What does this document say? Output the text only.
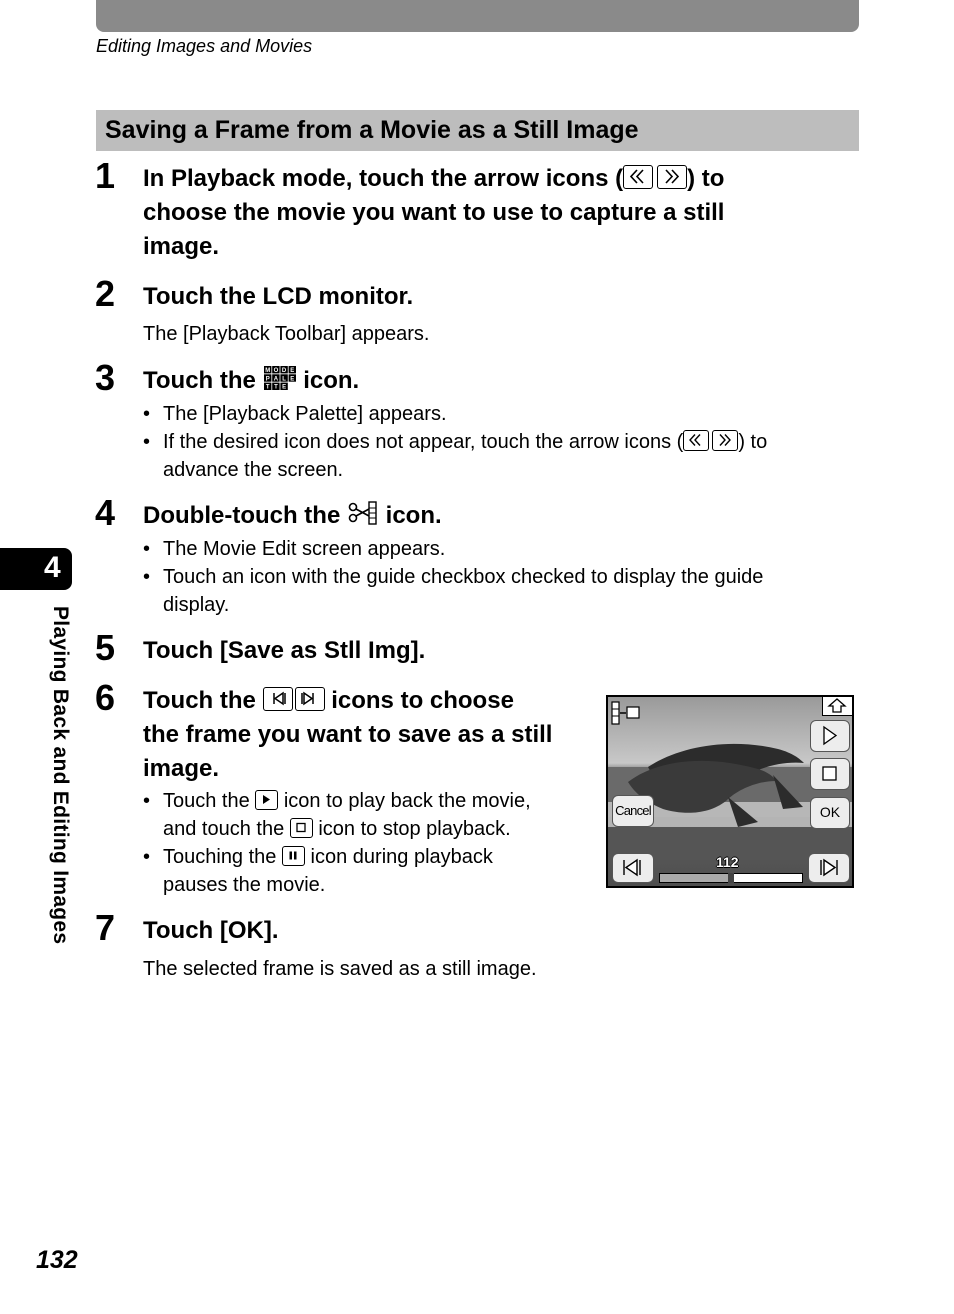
Editing Images and Movies
Saving a Frame from a Movie as a Still Image
1 In Playback mode, touch the arrow icons (	) to
choose the movie you want to use to capture a still
image.
2 Touch the LCD monitor.
The [Playback Toolbar] appears.
3 Touch the M O D E
P A L E
T T E icon.
• The [Playback Palette] appears.
• If the desired icon does not appear, touch the arrow icons (	) to
advance the screen.
4 Double-touch the icon.
• The Movie Edit screen appears.
• Touch an icon with the guide checkbox checked to display the guide
display.
5 Touch [Save as Stll Img].
6 Touch the	icons to choose
the frame you want to save as a still
image.
• Touch the icon to play back the movie,
and touch the icon to stop playback.
• Touching the icon during playback
pauses the movie.
OK
Cancel
112
7 Touch [OK].
The selected frame is saved as a still image.
4
Playing Back and Editing Images
132
